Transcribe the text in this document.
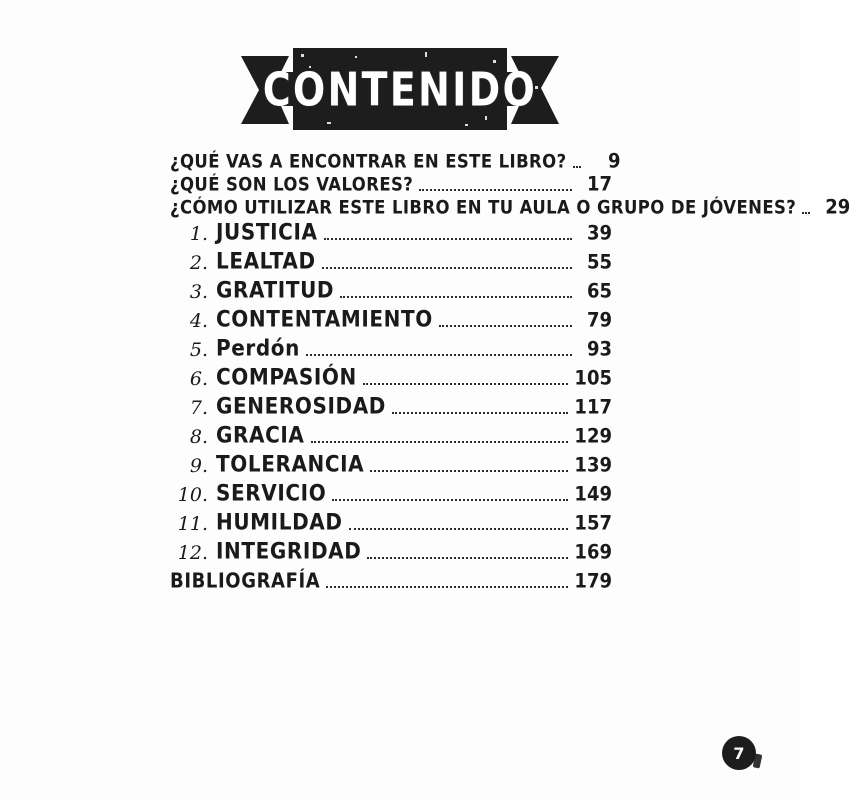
CONTENIDO
¿QUÉ VAS A ENCONTRAR EN ESTE LIBRO?	9
¿QUÉ SON LOS VALORES?	17
¿CÓMO UTILIZAR ESTE LIBRO EN TU AULA O GRUPO DE JÓVENES?	29
1. JUSTICIA	39
2. LEALTAD	55
3. GRATITUD	65
4. CONTENTAMIENTO	79
5. Perdón	93
6. COMPASIÓN	105
7. GENEROSIDAD	117
8. GRACIA	129
9. TOLERANCIA	139
10. SERVICIO	149
11. HUMILDAD	157
12. INTEGRIDAD	169
BIBLIOGRAFÍA	179
7
